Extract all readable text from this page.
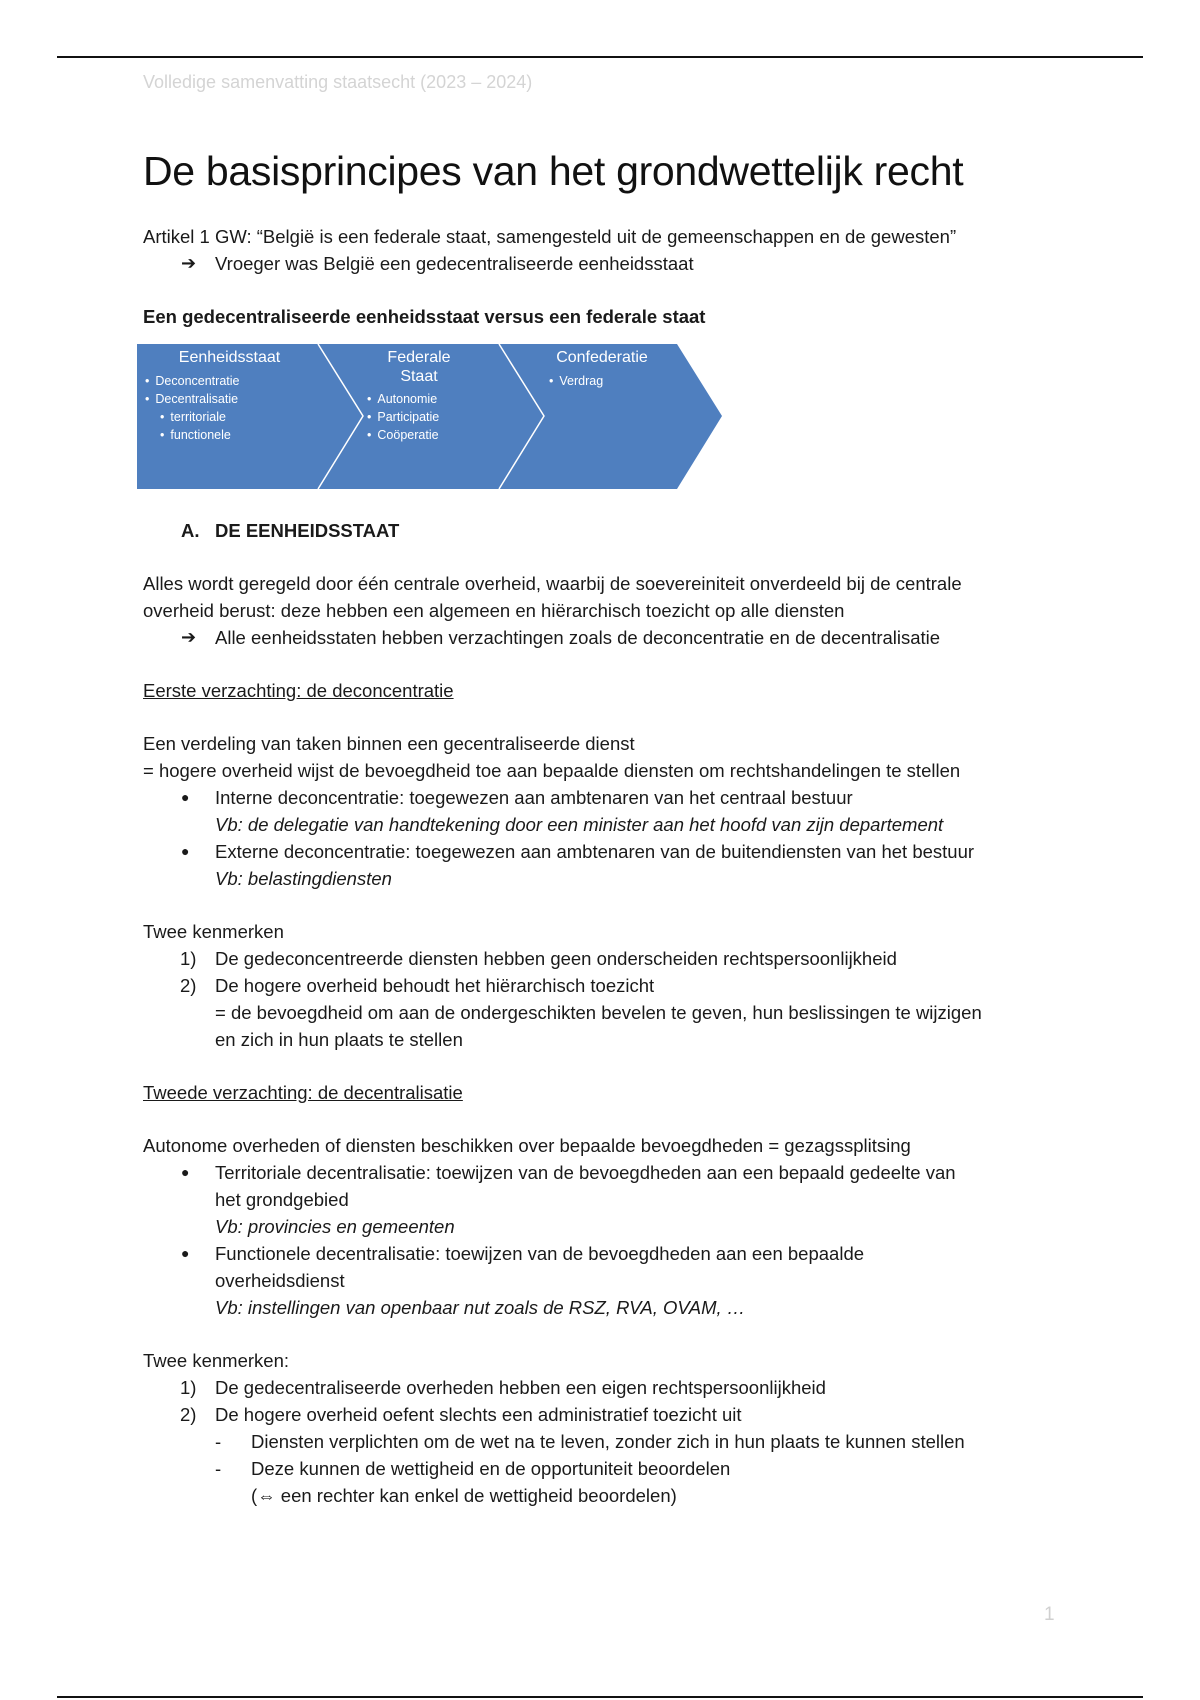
Volledige samenvatting staatsecht (2023 – 2024)
De basisprincipes van het grondwettelijk recht
Artikel 1 GW: “België is een federale staat, samengesteld uit de gemeenschappen en de gewesten”
➔	Vroeger was België een gedecentraliseerde eenheidsstaat
Een gedecentraliseerde eenheidsstaat versus een federale staat
Eenheidsstaat
• Deconcentratie
• Decentralisatie
• territoriale
• functionele
Federale
Staat
• Autonomie
• Participatie
• Coöperatie
Confederatie
• Verdrag
A. DE EENHEIDSSTAAT
Alles wordt geregeld door één centrale overheid, waarbij de soevereiniteit onverdeeld bij de centrale
overheid berust: deze hebben een algemeen en hiërarchisch toezicht op alle diensten
➔	Alle eenheidsstaten hebben verzachtingen zoals de deconcentratie en de decentralisatie
Eerste verzachting: de deconcentratie
Een verdeling van taken binnen een gecentraliseerde dienst
= hogere overheid wijst de bevoegdheid toe aan bepaalde diensten om rechtshandelingen te stellen
●	Interne deconcentratie: toegewezen aan ambtenaren van het centraal bestuur
Vb: de delegatie van handtekening door een minister aan het hoofd van zijn departement
●	Externe deconcentratie: toegewezen aan ambtenaren van de buitendiensten van het bestuur
Vb: belastingdiensten
Twee kenmerken
1)	De gedeconcentreerde diensten hebben geen onderscheiden rechtspersoonlijkheid
2)	De hogere overheid behoudt het hiërarchisch toezicht
= de bevoegdheid om aan de ondergeschikten bevelen te geven, hun beslissingen te wijzigen
en zich in hun plaats te stellen
Tweede verzachting: de decentralisatie
Autonome overheden of diensten beschikken over bepaalde bevoegdheden = gezagssplitsing
●	Territoriale decentralisatie: toewijzen van de bevoegdheden aan een bepaald gedeelte van
het grondgebied
Vb: provincies en gemeenten
●	Functionele decentralisatie: toewijzen van de bevoegdheden aan een bepaalde
overheidsdienst
Vb: instellingen van openbaar nut zoals de RSZ, RVA, OVAM, …
Twee kenmerken:
1)	De gedecentraliseerde overheden hebben een eigen rechtspersoonlijkheid
2)	De hogere overheid oefent slechts een administratief toezicht uit
-	Diensten verplichten om de wet na te leven, zonder zich in hun plaats te kunnen stellen
-	Deze kunnen de wettigheid en de opportuniteit beoordelen
(⇔ een rechter kan enkel de wettigheid beoordelen)
1
